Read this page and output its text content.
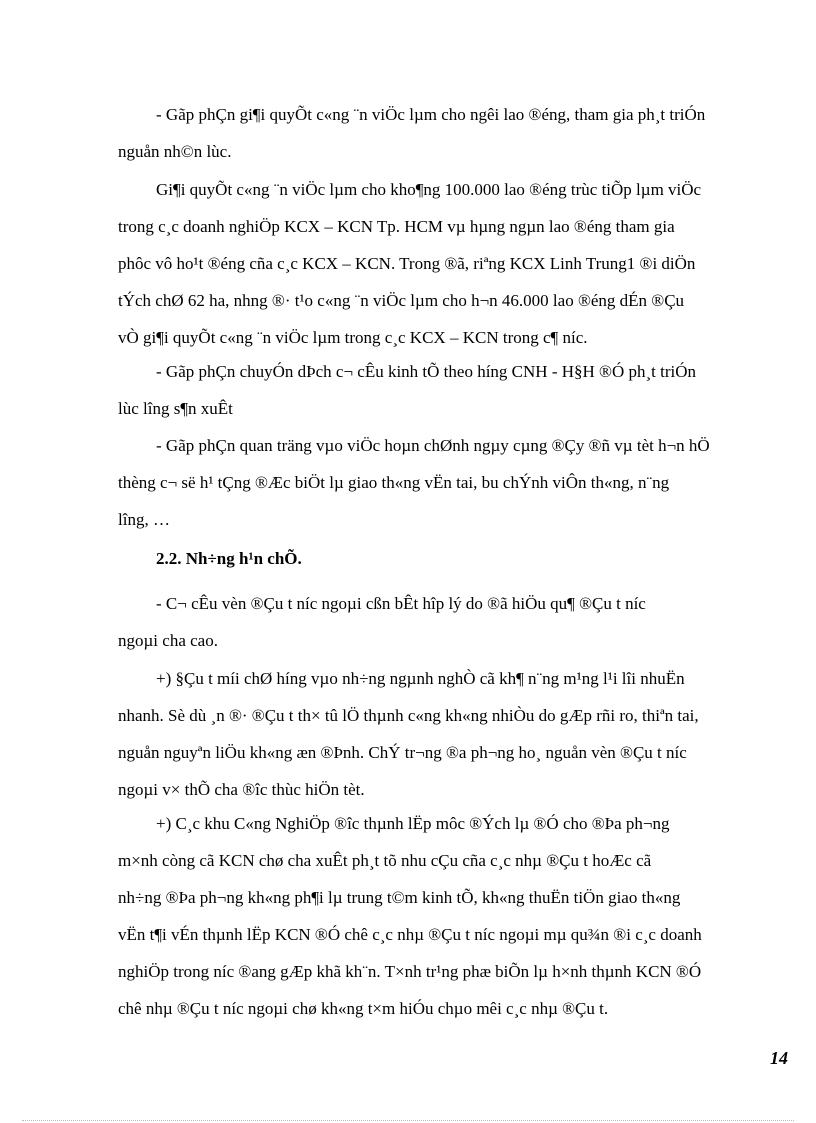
- Gãp phÇn gi¶i quyÕt c«ng ¨n viÖc lµm cho ngêi lao ®éng, tham gia ph¸t triÓn
nguån nh©n lùc.

Gi¶i quyÕt c«ng ¨n viÖc lµm cho kho¶ng 100.000 lao ®éng trùc tiÕp lµm viÖc
trong c¸c doanh nghiÖp KCX – KCN Tp. HCM vµ hµng ngµn lao ®éng tham gia
phôc vô ho¹t ®éng cña c¸c KCX – KCN. Trong ®ã, riªng KCX Linh Trung1 ®i diÖn
tÝch chØ 62 ha, nhng ®· t¹o c«ng ¨n viÖc lµm cho h¬n 46.000 lao ®éng dÉn ®Çu
vÒ gi¶i quyÕt c«ng ¨n viÖc lµm trong c¸c KCX – KCN trong c¶ níc.

- Gãp phÇn chuyÓn dÞch c¬ cÊu kinh tÕ theo híng CNH - H§H ®Ó ph¸t triÓn
lùc lîng s¶n xuÊt

- Gãp phÇn quan träng vµo viÖc hoµn chØnh ngµy cµng ®Çy ®ñ vµ tèt h¬n hÖ
thèng c¬ së h¹ tÇng ®Æc biÖt lµ giao th«ng vËn tai, bu chÝnh viÔn th«ng, n¨ng
lîng, …

2.2. Nh÷ng h¹n chÕ.

- C¬ cÊu vèn ®Çu t níc ngoµi cßn bÊt hîp lý do ®ã hiÖu qu¶ ®Çu t níc
ngoµi cha cao.

+) §Çu t míi chØ híng vµo nh÷ng ngµnh nghÒ cã kh¶ n¨ng m¹ng l¹i lîi nhuËn
nhanh. Sè dù ¸n ®· ®Çu t th× tû lÖ thµnh c«ng kh«ng nhiÒu do gÆp rñi ro, thiªn tai,
nguån nguyªn liÖu kh«ng æn ®Þnh. ChÝ tr¬ng ®a ph¬ng ho¸ nguån vèn ®Çu t níc
ngoµi v× thÕ cha ®îc thùc hiÖn tèt.

+) C¸c khu C«ng NghiÖp ®îc thµnh lËp môc ®Ých lµ ®Ó cho ®Þa ph¬ng
m×nh còng cã KCN chø cha xuÊt ph¸t tõ nhu cÇu cña c¸c nhµ ®Çu t hoÆc cã
nh÷ng ®Þa ph¬ng kh«ng ph¶i lµ trung t©m kinh tÕ, kh«ng thuËn tiÖn giao th«ng
vËn t¶i vÉn thµnh lËp KCN ®Ó chê c¸c nhµ ®Çu t níc ngoµi mµ qu¾n ®i c¸c doanh
nghiÖp trong níc ®ang gÆp khã kh¨n. T×nh tr¹ng phæ biÕn lµ h×nh thµnh KCN ®Ó
chê nhµ ®Çu t níc ngoµi chø kh«ng t×m hiÓu chµo mêi c¸c nhµ ®Çu t.

14
